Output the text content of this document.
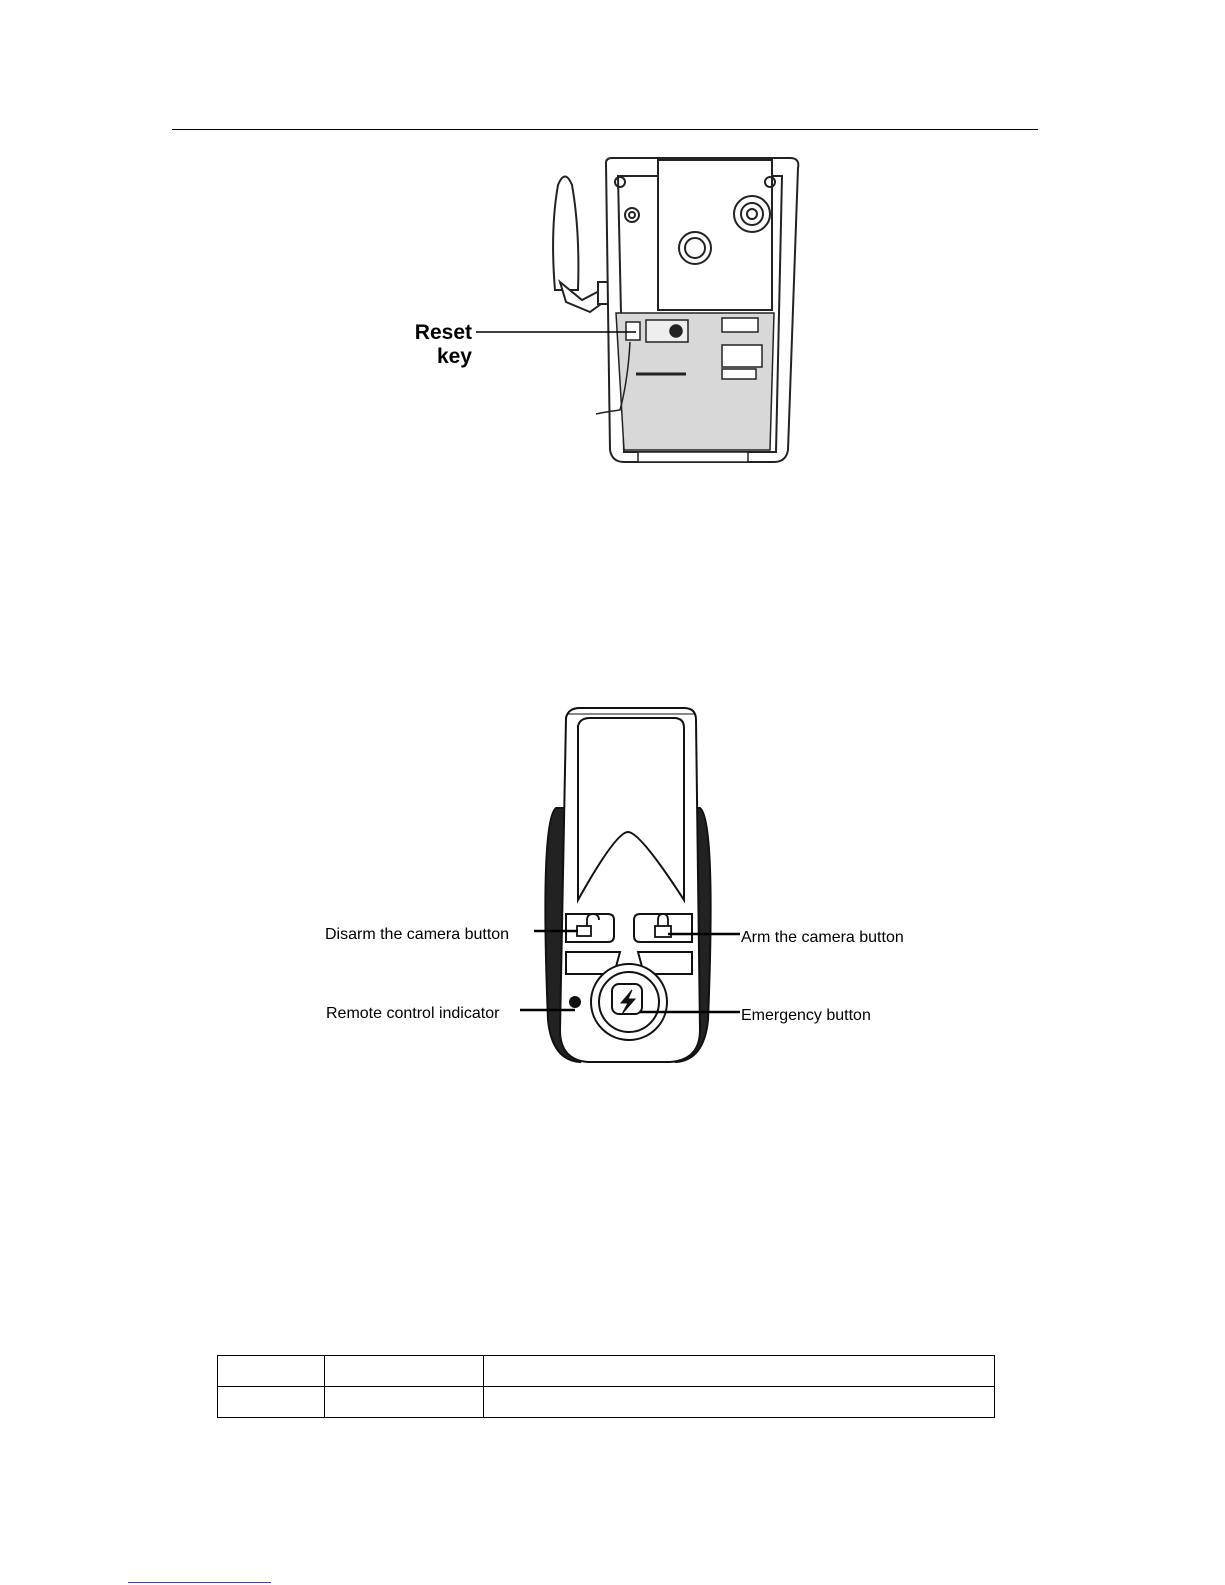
Reset
key
Disarm the camera button	Arm the camera button
Remote control indicator	Emergency button
